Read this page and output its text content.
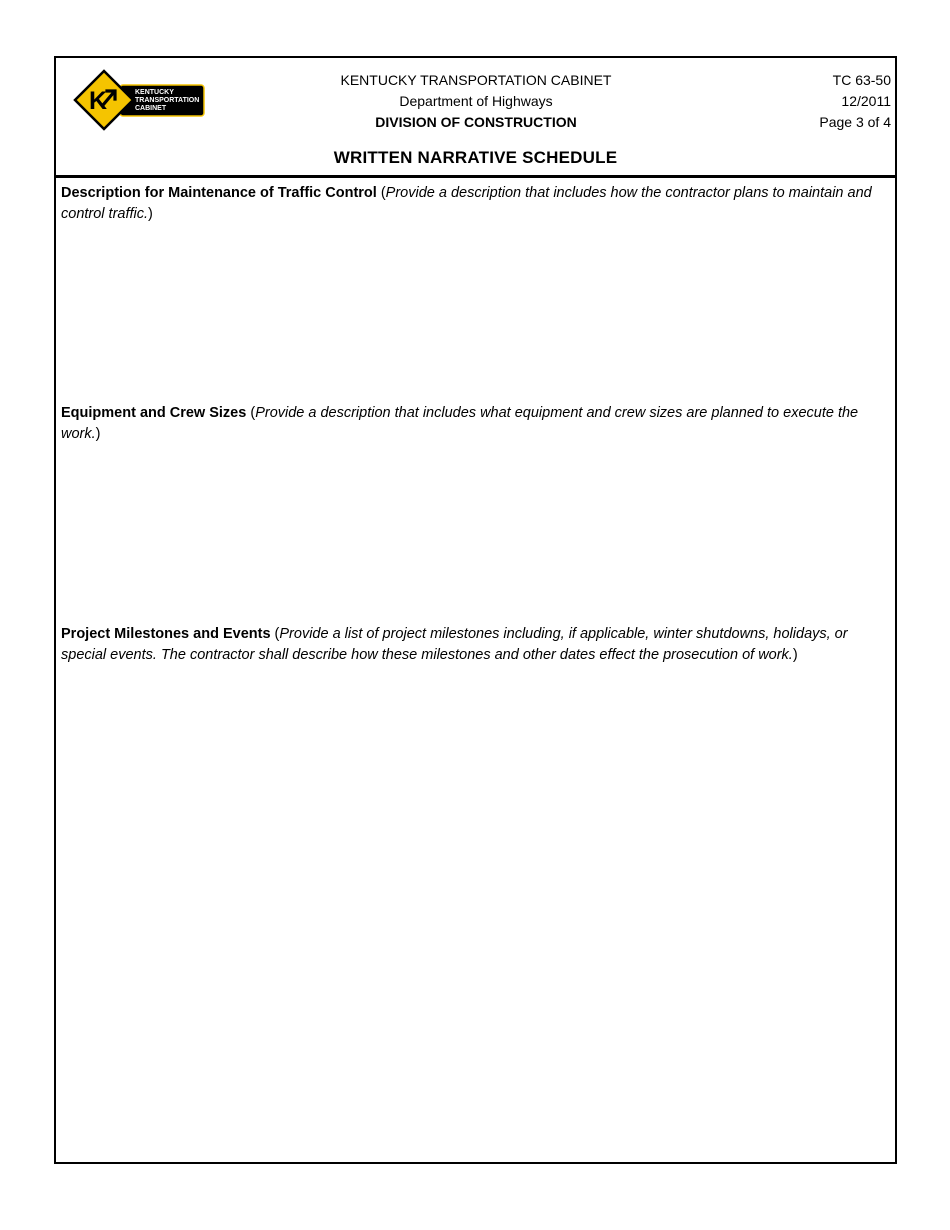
K	KENTUCKY
TRANSPORTATION
CABINET
KENTUCKY TRANSPORTATION CABINET
Department of Highways
DIVISION OF CONSTRUCTION
TC 63-50
12/2011
Page 3 of 4
WRITTEN NARRATIVE SCHEDULE
Description for Maintenance of Traffic Control (Provide a description that includes how the contractor plans to maintain and control traffic.)
Equipment and Crew Sizes (Provide a description that includes what equipment and crew sizes are planned to execute the work.)
Project Milestones and Events (Provide a list of project milestones including, if applicable, winter shutdowns, holidays, or special events. The contractor shall describe how these milestones and other dates effect the prosecution of work.)
